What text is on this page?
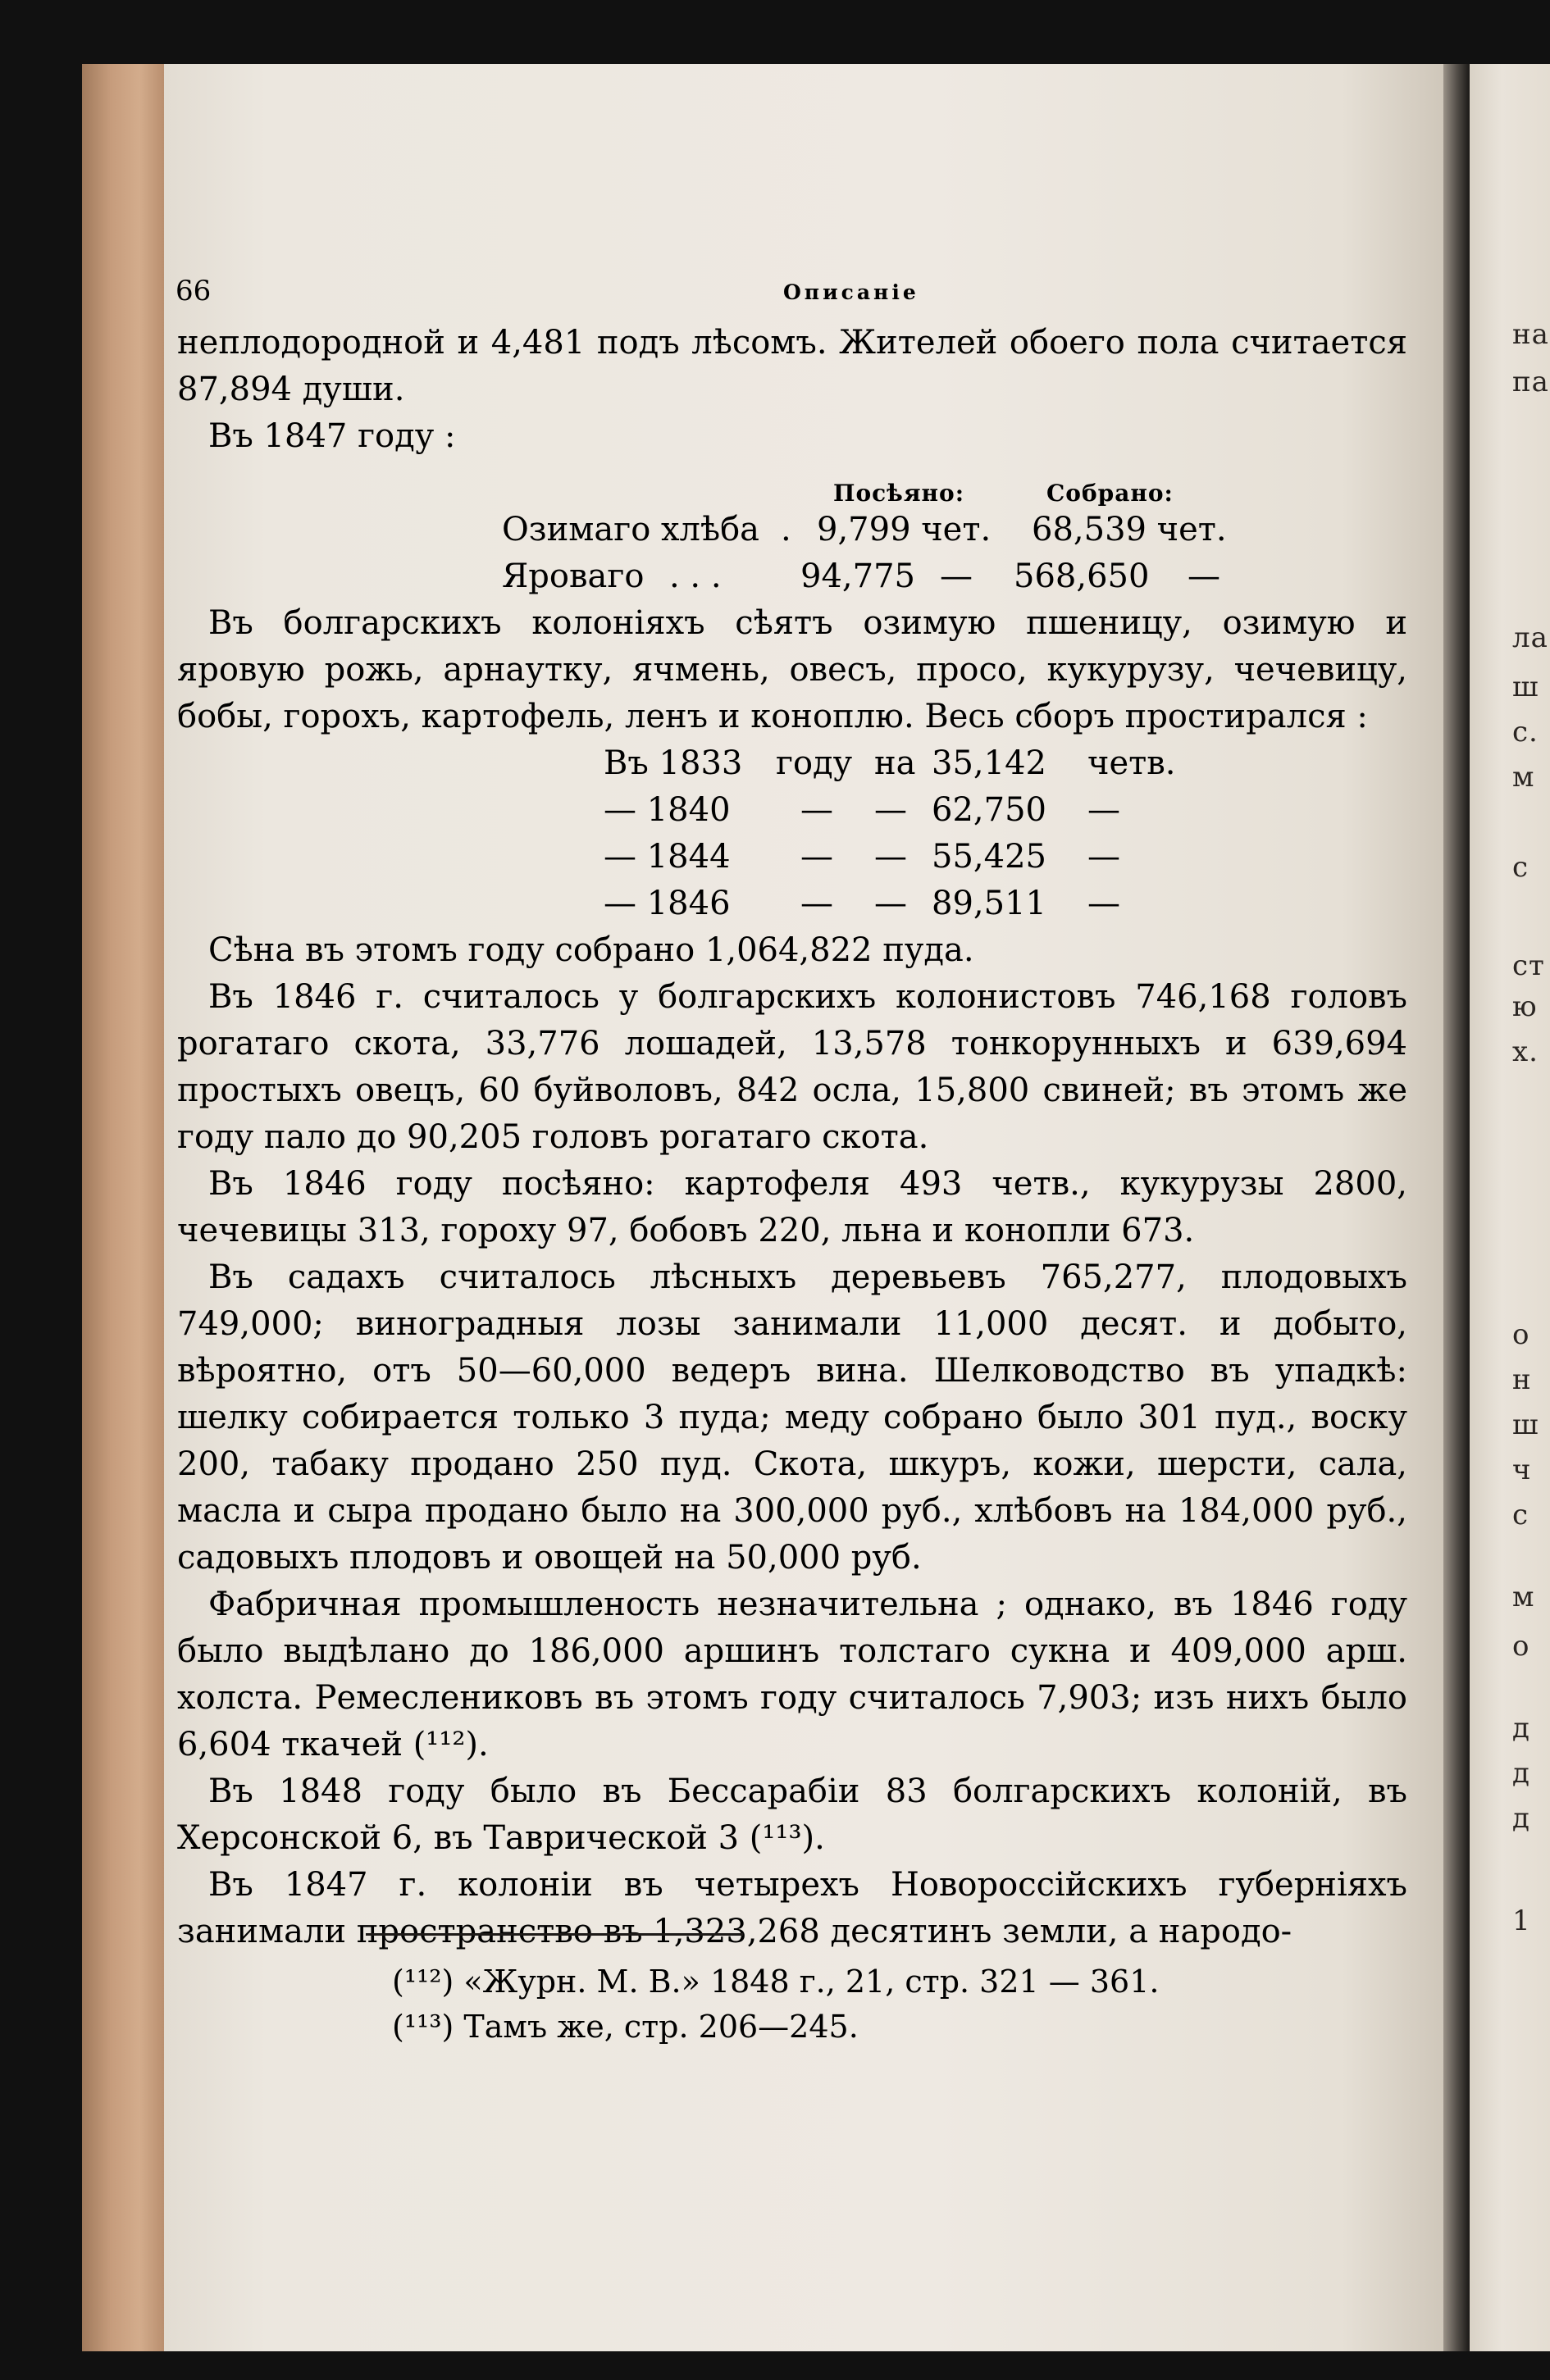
на
па
ла
ш
с.
м
с
ст
ю
х.
о
н
ш
ч
с
м
о
д
д
д
1
66	Описанiе

неплодородной и 4,481 подъ лѣсомъ. Жителей обоего пола считается 87,894 души.

Въ 1847 году :

Посѣяно:	Собрано:
Озимаго хлѣба . 9,799 чет. 68,539 чет.
Яроваго . . . 94,775 — 568,650 —

Въ болгарскихъ колонiяхъ сѣятъ озимую пшеницу, озимую и яровую рожь, арнаутку, ячмень, овесъ, просо, кукурузу, чечевицу, бобы, горохъ, картофель, ленъ и коноплю. Весь сборъ простирался :

Въ 1833 году на 35,142 четв.
— 1840 — — 62,750 —
— 1844 — — 55,425 —
— 1846 — — 89,511 —

Сѣна въ этомъ году собрано 1,064,822 пуда.

Въ 1846 г. считалось у болгарскихъ колонистовъ 746,168 головъ рогатаго скота, 33,776 лошадей, 13,578 тонкорунныхъ и 639,694 простыхъ овецъ, 60 буйволовъ, 842 осла, 15,800 свиней; въ этомъ же году пало до 90,205 головъ рогатаго скота.

Въ 1846 году посѣяно: картофеля 493 четв., кукурузы 2800, чечевицы 313, гороху 97, бобовъ 220, льна и конопли 673.

Въ садахъ считалось лѣсныхъ деревьевъ 765,277, плодовыхъ 749,000; виноградныя лозы занимали 11,000 десят. и добыто, вѣроятно, отъ 50—60,000 ведеръ вина. Шелководство въ упадкѣ: шелку собирается только 3 пуда; меду собрано было 301 пуд., воску 200, табаку продано 250 пуд. Скота, шкуръ, кожи, шерсти, сала, масла и сыра продано было на 300,000 руб., хлѣбовъ на 184,000 руб., садовыхъ плодовъ и овощей на 50,000 руб.

Фабричная промышленость незначительна ; однако, въ 1846 году было выдѣлано до 186,000 аршинъ толстаго сукна и 409,000 арш. холста. Ремеслениковъ въ этомъ году считалось 7,903; изъ нихъ было 6,604 ткачей (¹¹²).

Въ 1848 году было въ Бессарабiи 83 болгарскихъ колонiй, въ Херсонской 6, въ Таврической 3 (¹¹³).

Въ 1847 г. колонiи въ четырехъ Новороссiйскихъ губернiяхъ занимали пространство въ 1,323,268 десятинъ земли, а народо-

(¹¹²) «Журн. М. В.» 1848 г., 21, стр. 321 — 361.
(¹¹³) Тамъ же, стр. 206—245.
